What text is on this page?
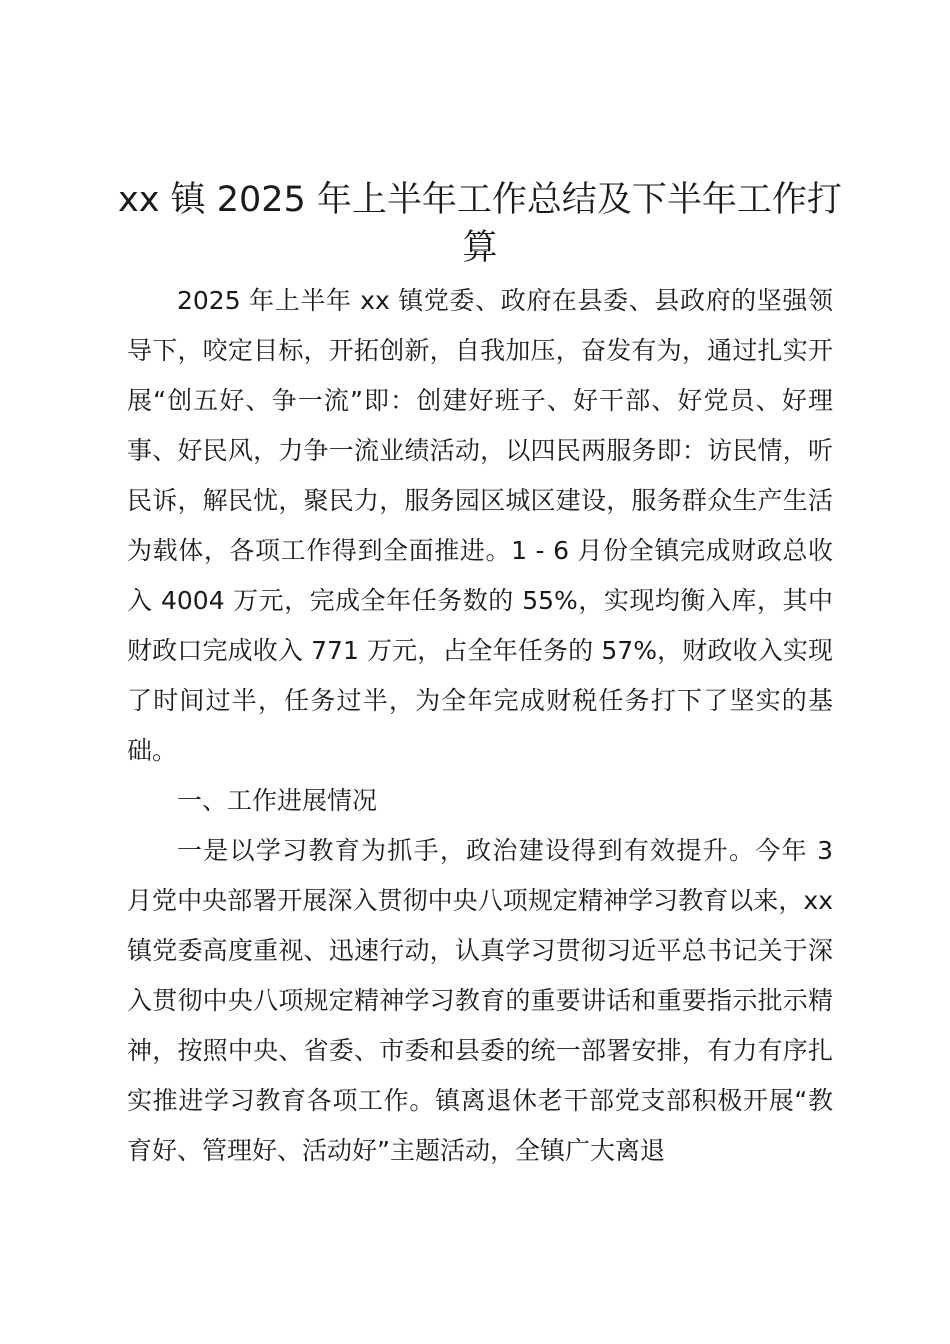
xx 镇 2025 年上半年工作总结及下半年工作打算

2025 年上半年 xx 镇党委、政府在县委、县政府的坚强领导下，咬定目标，开拓创新，自我加压，奋发有为，通过扎实开展“创五好、争一流”即：创建好班子、好干部、好党员、好理事、好民风，力争一流业绩活动，以四民两服务即：访民情，听民诉，解民忧，聚民力，服务园区城区建设，服务群众生产生活为载体，各项工作得到全面推进。1 - 6 月份全镇完成财政总收入 4004 万元，完成全年任务数的 55%，实现均衡入库，其中财政口完成收入 771 万元，占全年任务的 57%，财政收入实现了时间过半，任务过半，为全年完成财税任务打下了坚实的基础。

一、工作进展情况

一是以学习教育为抓手，政治建设得到有效提升。今年 3 月党中央部署开展深入贯彻中央八项规定精神学习教育以来，xx 镇党委高度重视、迅速行动，认真学习贯彻习近平总书记关于深入贯彻中央八项规定精神学习教育的重要讲话和重要指示批示精神，按照中央、省委、市委和县委的统一部署安排，有力有序扎实推进学习教育各项工作。镇离退休老干部党支部积极开展“教育好、管理好、活动好”主题活动，全镇广大离退
